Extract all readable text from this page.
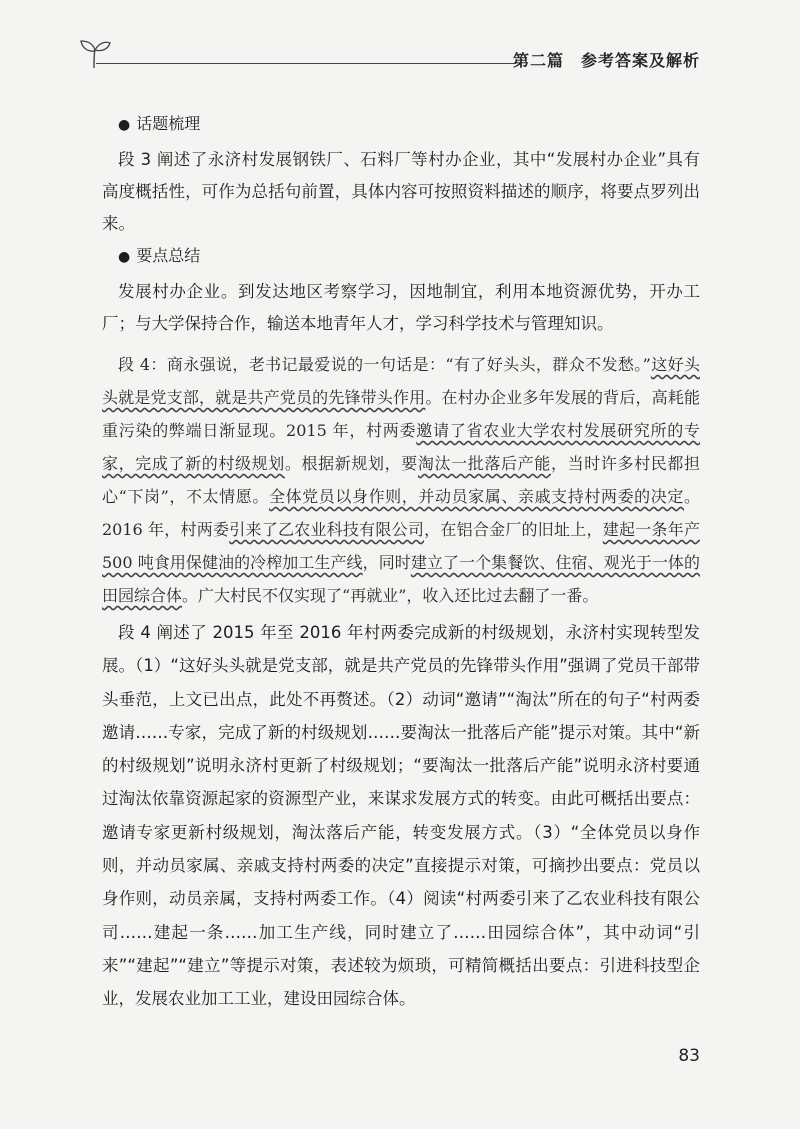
第二篇　参考答案及解析
● 话题梳理

段 3 阐述了永济村发展钢铁厂、石料厂等村办企业，其中“发展村办企业”具有高度概括性，可作为总括句前置，具体内容可按照资料描述的顺序，将要点罗列出来。

● 要点总结

发展村办企业。到发达地区考察学习，因地制宜，利用本地资源优势，开办工厂；与大学保持合作，输送本地青年人才，学习科学技术与管理知识。

段 4：商永强说，老书记最爱说的一句话是：“有了好头头，群众不发愁。”这好头头就是党支部，就是共产党员的先锋带头作用。在村办企业多年发展的背后，高耗能重污染的弊端日渐显现。2015 年，村两委邀请了省农业大学农村发展研究所的专家，完成了新的村级规划。根据新规划，要淘汰一批落后产能，当时许多村民都担心“下岗”，不太情愿。全体党员以身作则，并动员家属、亲戚支持村两委的决定。2016 年，村两委引来了乙农业科技有限公司，在铝合金厂的旧址上，建起一条年产 500 吨食用保健油的冷榨加工生产线，同时建立了一个集餐饮、住宿、观光于一体的田园综合体。广大村民不仅实现了“再就业”，收入还比过去翻了一番。

段 4 阐述了 2015 年至 2016 年村两委完成新的村级规划，永济村实现转型发展。（1）“这好头头就是党支部，就是共产党员的先锋带头作用”强调了党员干部带头垂范，上文已出点，此处不再赘述。（2）动词“邀请”“淘汰”所在的句子“村两委邀请……专家，完成了新的村级规划……要淘汰一批落后产能”提示对策。其中“新的村级规划”说明永济村更新了村级规划；“要淘汰一批落后产能”说明永济村要通过淘汰依靠资源起家的资源型产业，来谋求发展方式的转变。由此可概括出要点：邀请专家更新村级规划，淘汰落后产能，转变发展方式。（3）“全体党员以身作则，并动员家属、亲戚支持村两委的决定”直接提示对策，可摘抄出要点：党员以身作则，动员亲属，支持村两委工作。（4）阅读“村两委引来了乙农业科技有限公司……建起一条……加工生产线，同时建立了……田园综合体”，其中动词“引来”“建起”“建立”等提示对策，表述较为烦琐，可精简概括出要点：引进科技型企业，发展农业加工工业，建设田园综合体。

83
